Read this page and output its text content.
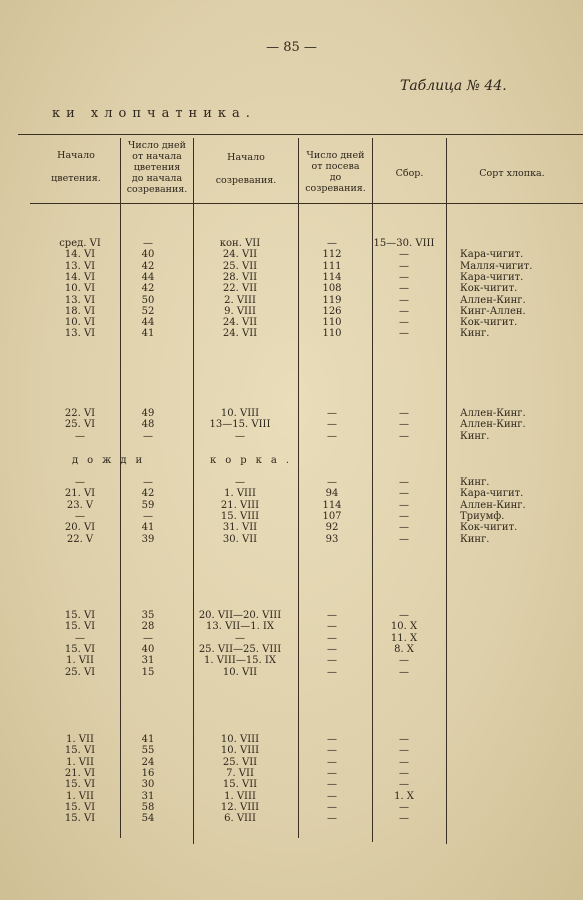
— 85 —
Таблица № 44.
ки хлопчатника.
Начало
цветения.
Число дней
от начала
цветения
до начала
созревания.
Начало
созревания.
Число дней
от посева
до
созревания.
Сбор.	Сорт хлопка.
дожди	корка.
сред. VI	—	кон. VII	—	15—30. VIII
14. VI	40	24. VII	112	—	Кара-чигит.
13. VI	42	25. VII	111	—	Малля-чигит.
14. VI	44	28. VII	114	—	Кара-чигит.
10. VI	42	22. VII	108	—	Кок-чигит.
13. VI	50	2. VIII	119	—	Аллен-Кинг.
18. VI	52	9. VIII	126	—	Кинг-Аллен.
10. VI	44	24. VII	110	—	Кок-чигит.
13. VI	41	24. VII	110	—	Кинг.
22. VI	49	10. VIII	—	—	Аллен-Кинг.
25. VI	48	13—15. VIII	—	—	Аллен-Кинг.
—	—	—	—	—	Кинг.
—	—	—	—	—	Кинг.
21. VI	42	1. VIII	94	—	Кара-чигит.
23. V	59	21. VIII	114	—	Аллен-Кинг.
—	—	15. VIII	107	—	Триумф.
20. VI	41	31. VII	92	—	Кок-чигит.
22. V	39	30. VII	93	—	Кинг.
15. VI	35	20. VII—20. VIII	—	—
15. VI	28	13. VII—1. IX	—	10. X
—	—	—	—	11. X
15. VI	40	25. VII—25. VIII	—	8. X
1. VII	31	1. VIII—15. IX	—	—
25. VI	15	10. VII	—	—
1. VII	41	10. VIII	—	—
15. VI	55	10. VIII	—	—
1. VII	24	25. VII	—	—
21. VI	16	7. VII	—	—
15. VI	30	15. VII	—	—
1. VII	31	1. VIII	—	1. X
15. VI	58	12. VIII	—	—
15. VI	54	6. VIII	—	—
